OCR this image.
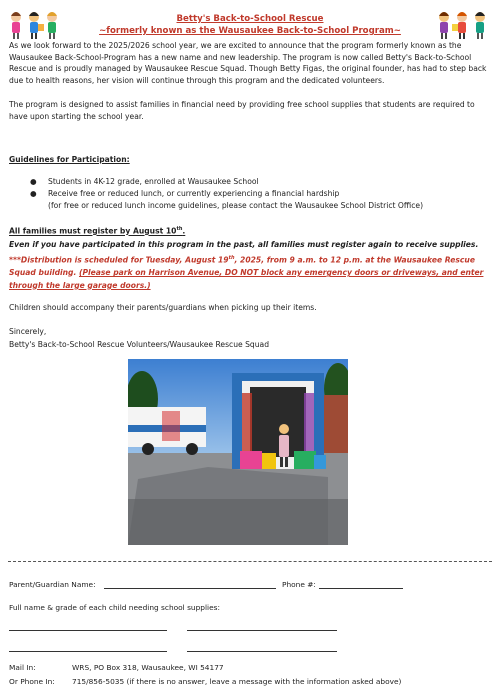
Betty's Back-to-School Rescue
~formerly known as the Wausaukee Back-to-School Program~
As we look forward to the 2025/2026 school year, we are excited to announce that the program formerly known as the Wausaukee Back-School-Program has a new name and new leadership. The program is now called Betty's Back-to-School Rescue and is proudly managed by Wausaukee Rescue Squad. Though Betty Figas, the original founder, has had to step back due to health reasons, her vision will continue through this program and the dedicated volunteers.
The program is designed to assist families in financial need by providing free school supplies that students are required to have upon starting the school year.
Guidelines for Participation:
● Students in 4K-12 grade, enrolled at Wausaukee School
● Receive free or reduced lunch, or currently experiencing a financial hardship
(for free or reduced lunch income guidelines, please contact the Wausaukee School District Office)
All families must register by August 10th.
Even if you have participated in this program in the past, all families must register again to receive supplies.
***Distribution is scheduled for Tuesday, August 19th, 2025, from 9 a.m. to 12 p.m. at the Wausaukee Rescue Squad building. (Please park on Harrison Avenue, DO NOT block any emergency doors or driveways, and enter through the large garage doors.)
Children should accompany their parents/guardians when picking up their items.
Sincerely,
Betty's Back-to-School Rescue Volunteers/Wausaukee Rescue Squad
Parent/Guardian Name:	Phone #:
Full name & grade of each child needing school supplies:
Mail In:	WRS, PO Box 318, Wausaukee, WI 54177
Or Phone In: 715/856-5035 (if there is no answer, leave a message with the information asked above)
